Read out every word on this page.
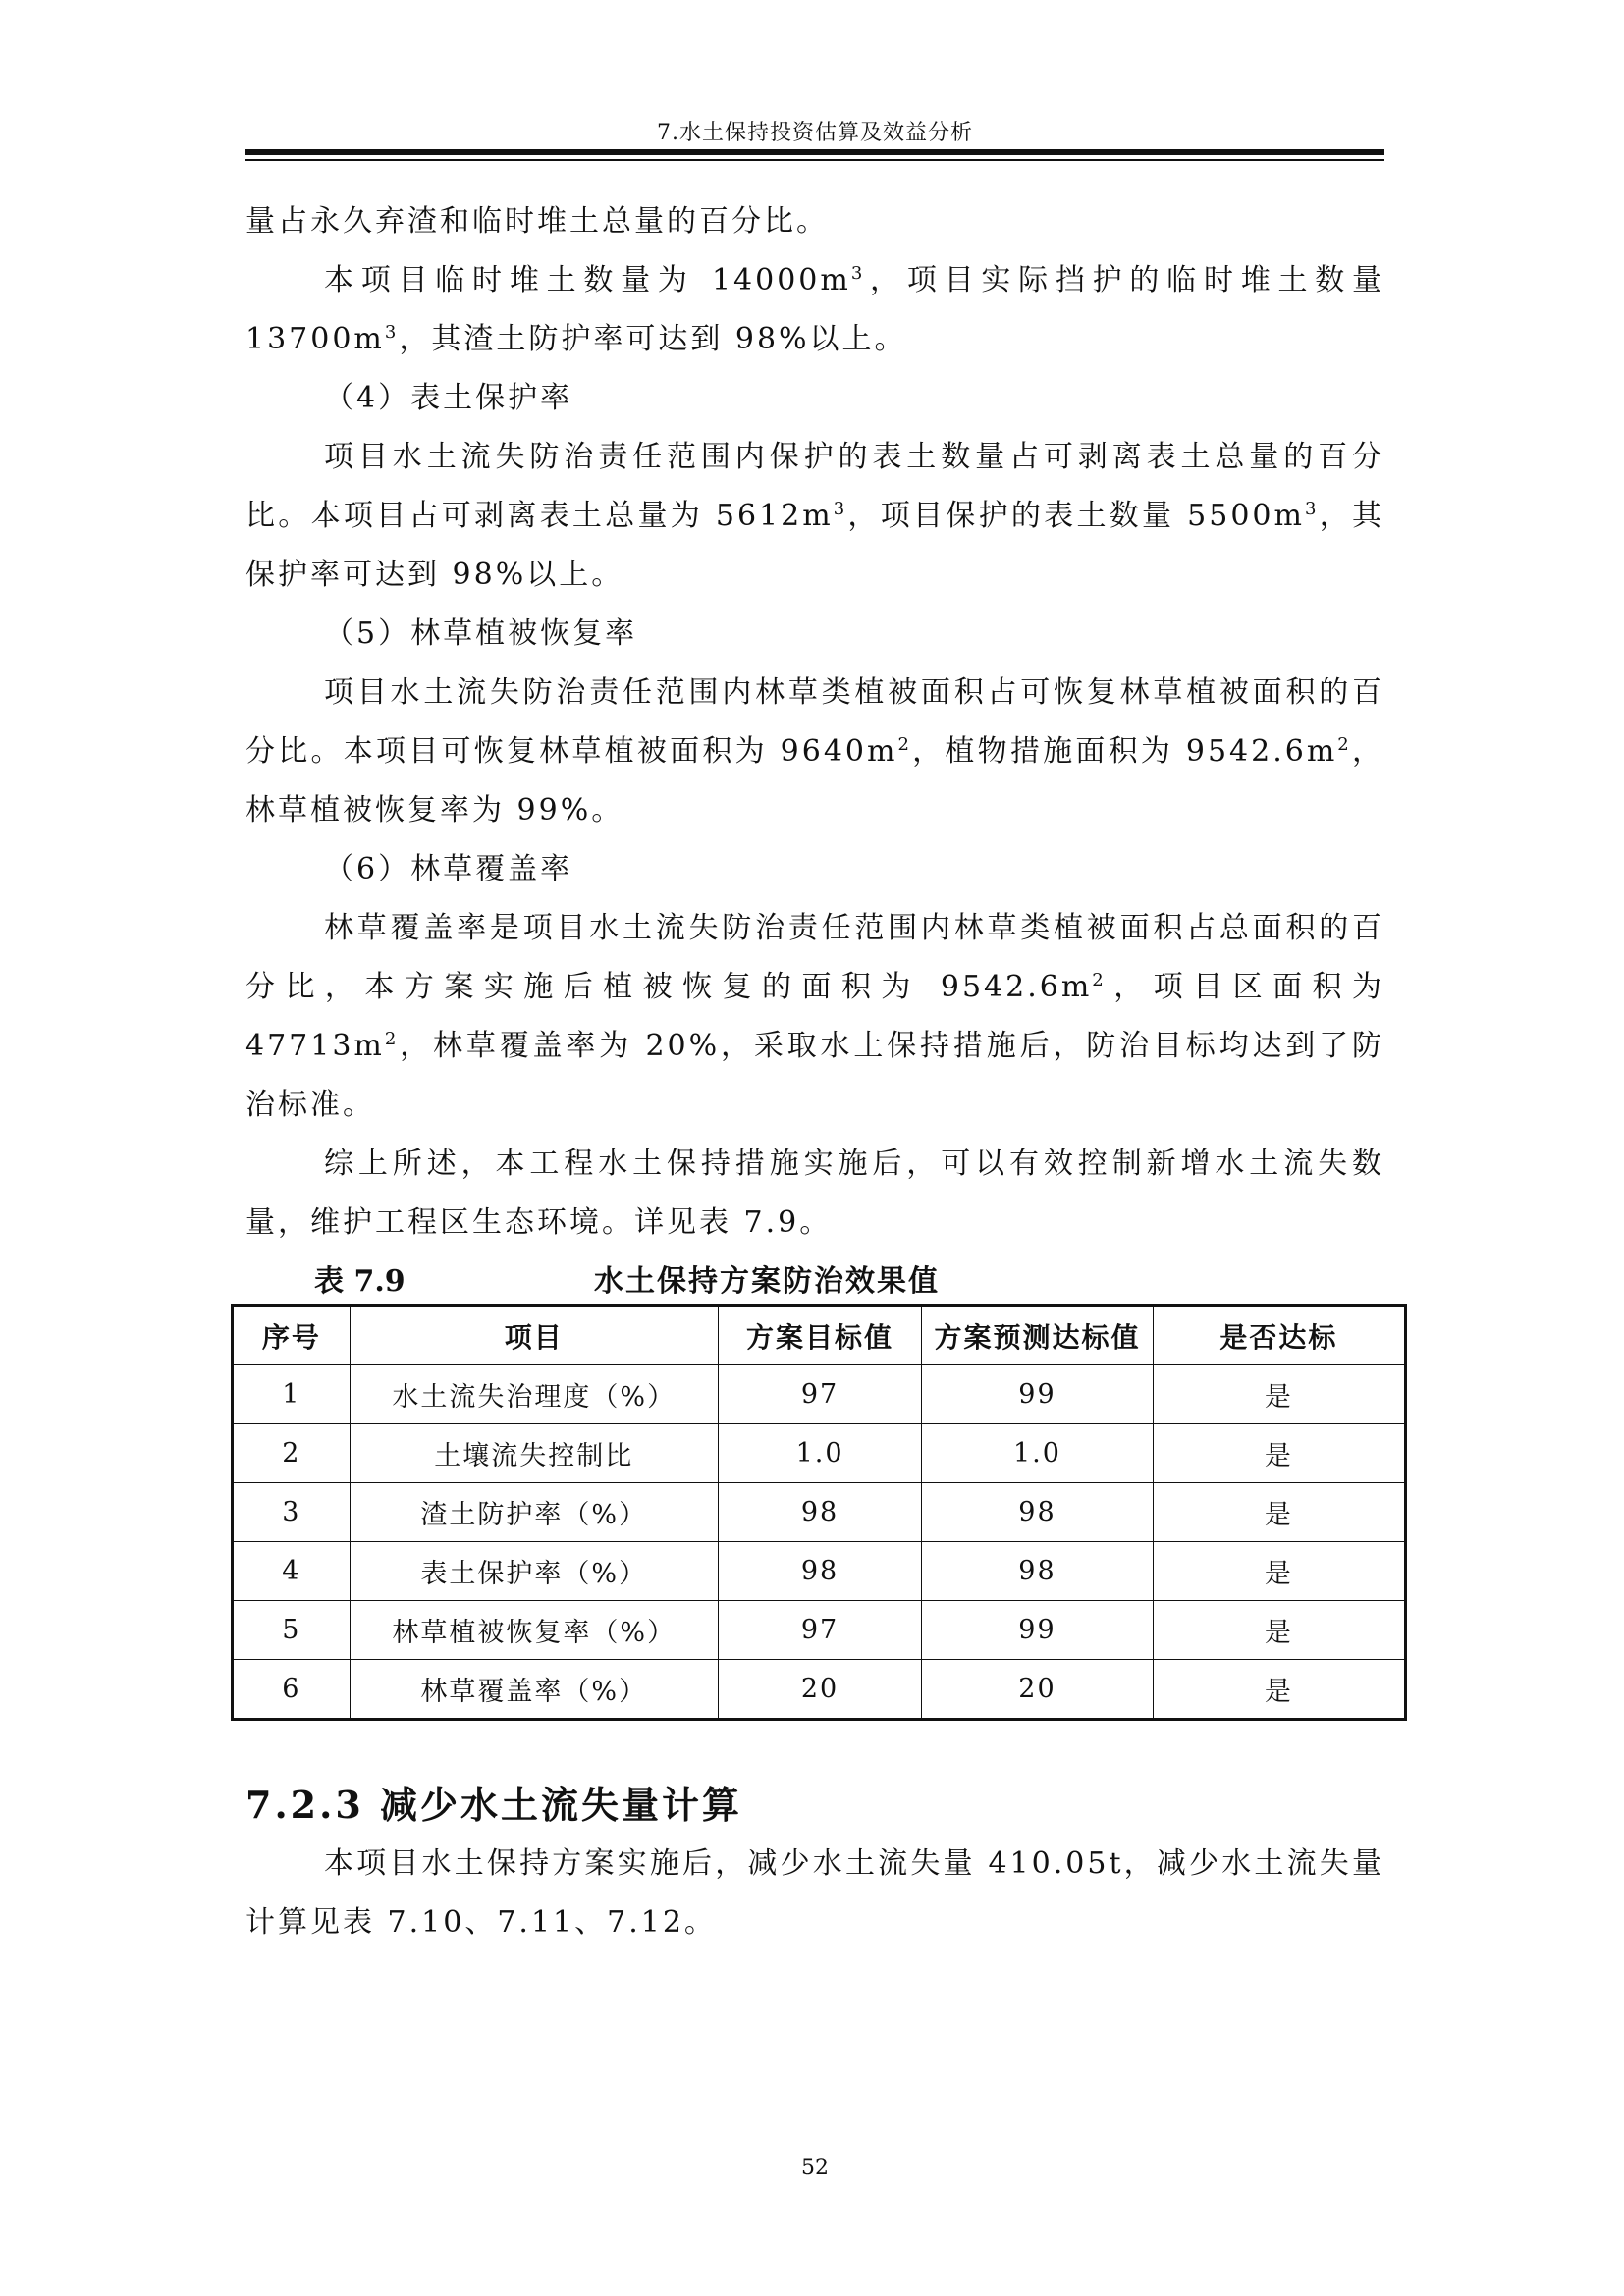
7.水土保持投资估算及效益分析

量占永久弃渣和临时堆土总量的百分比。

本项目临时堆土数量为 $14000m^3$，项目实际挡护的临时堆土数量 $13700m^3$，其渣土防护率可达到 98%以上。

（4）表土保护率

项目水土流失防治责任范围内保护的表土数量占可剥离表土总量的百分比。本项目占可剥离表土总量为 $5612m^3$，项目保护的表土数量 $5500m^3$，其保护率可达到 98%以上。

（5）林草植被恢复率

项目水土流失防治责任范围内林草类植被面积占可恢复林草植被面积的百分比。本项目可恢复林草植被面积为 $9640m^2$，植物措施面积为 $9542.6m^2$，林草植被恢复率为 99%。

（6）林草覆盖率

林草覆盖率是项目水土流失防治责任范围内林草类植被面积占总面积的百分比，本方案实施后植被恢复的面积为 $9542.6m^2$，项目区面积为 $47713m^2$，林草覆盖率为 20%，采取水土保持措施后，防治目标均达到了防治标准。

综上所述，本工程水土保持措施实施后，可以有效控制新增水土流失数量，维护工程区生态环境。详见表 7.9。

表 7.9	水土保持方案防治效果值
序号	项目	方案目标值	方案预测达标值	是否达标
1	水土流失治理度（%）	97	99	是
2	土壤流失控制比	1.0	1.0	是
3	渣土防护率（%）	98	98	是
4	表土保护率（%）	98	98	是
5	林草植被恢复率（%）	97	99	是
6	林草覆盖率（%）	20	20	是
7.2.3 减少水土流失量计算

本项目水土保持方案实施后，减少水土流失量 410.05t，减少水土流失量计算见表 7.10、7.11、7.12。

52
